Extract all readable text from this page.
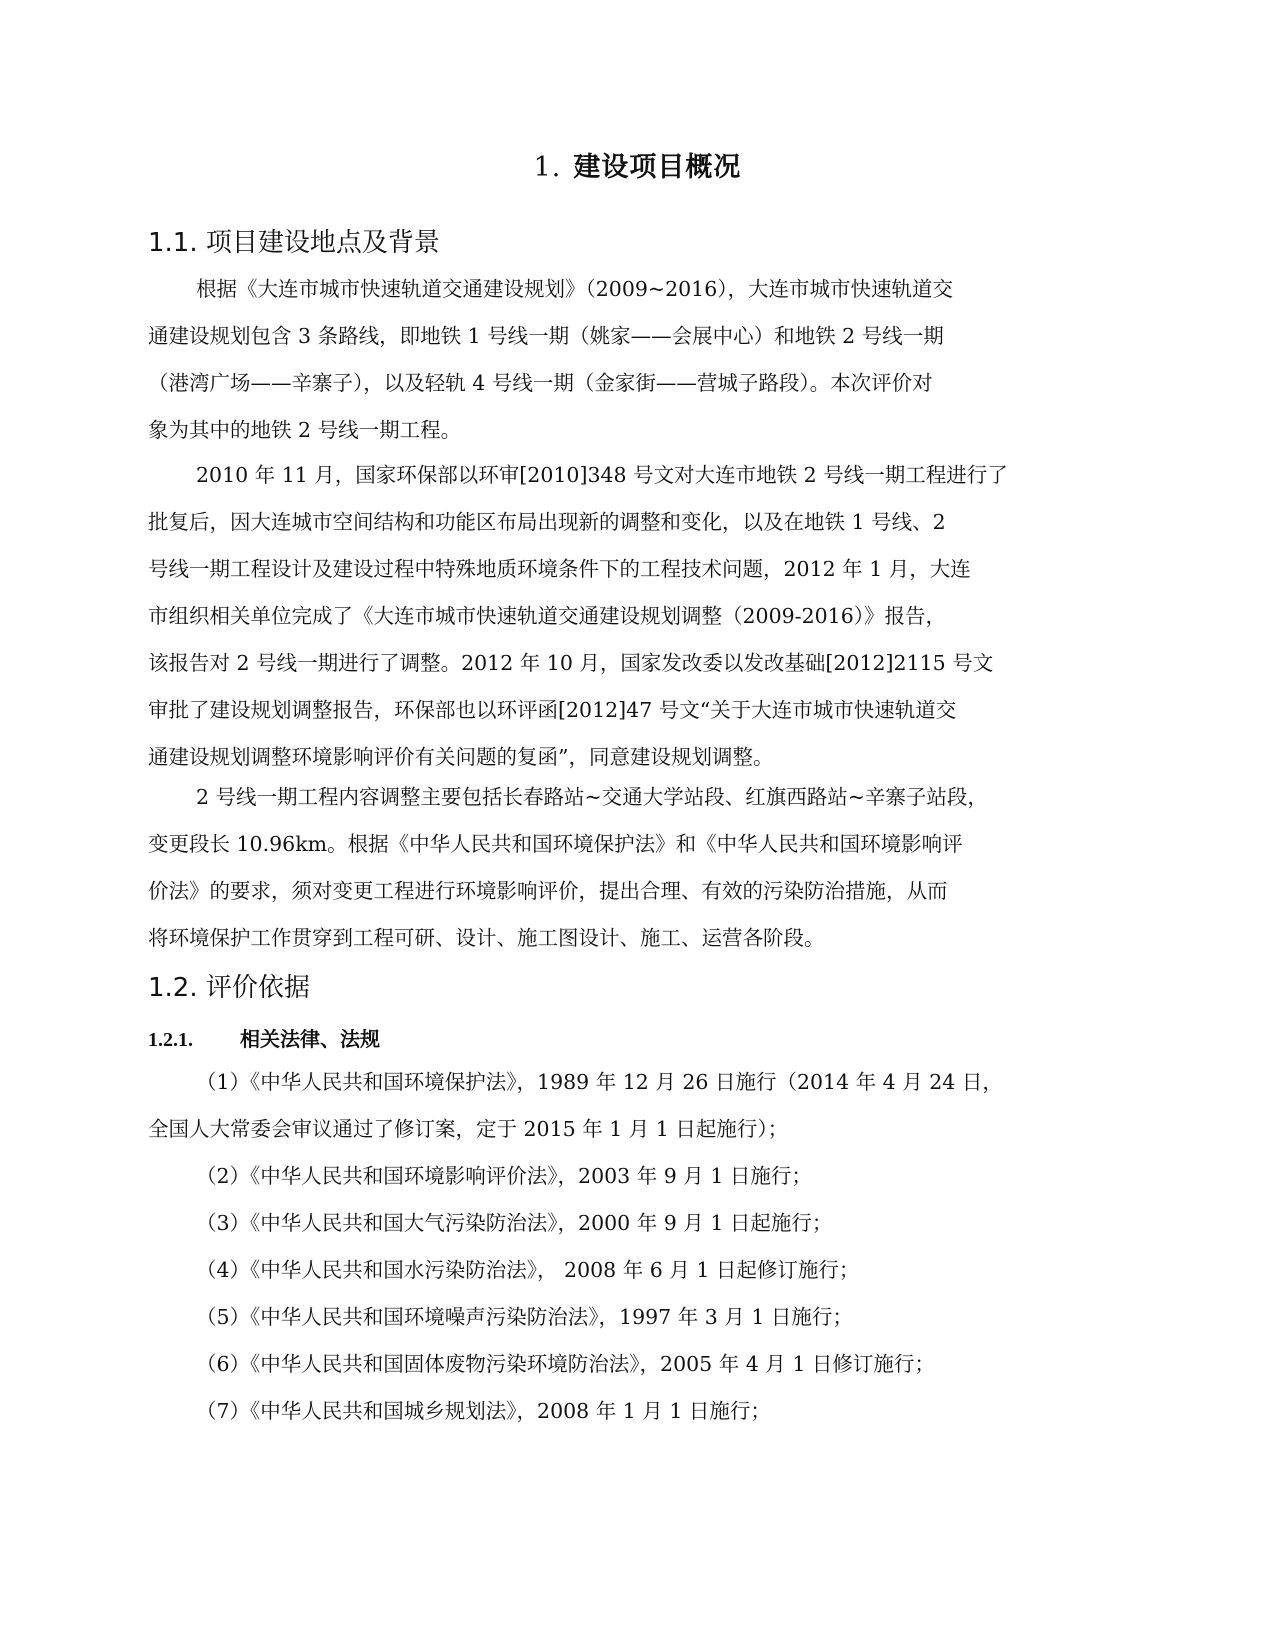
1. 建设项目概况
1.1. 项目建设地点及背景
根据《大连市城市快速轨道交通建设规划》（2009~2016），大连市城市快速轨道交
通建设规划包含 3 条路线，即地铁 1 号线一期（姚家——会展中心）和地铁 2 号线一期
（港湾广场——辛寨子），以及轻轨 4 号线一期（金家街——营城子路段）。本次评价对
象为其中的地铁 2 号线一期工程。
2010 年 11 月，国家环保部以环审[2010]348 号文对大连市地铁 2 号线一期工程进行了
批复后，因大连城市空间结构和功能区布局出现新的调整和变化，以及在地铁 1 号线、2
号线一期工程设计及建设过程中特殊地质环境条件下的工程技术问题，2012 年 1 月，大连
市组织相关单位完成了《大连市城市快速轨道交通建设规划调整（2009-2016）》报告，
该报告对 2 号线一期进行了调整。2012 年 10 月，国家发改委以发改基础[2012]2115 号文
审批了建设规划调整报告，环保部也以环评函[2012]47 号文“关于大连市城市快速轨道交
通建设规划调整环境影响评价有关问题的复函”，同意建设规划调整。
2 号线一期工程内容调整主要包括长春路站~交通大学站段、红旗西路站~辛寨子站段，
变更段长 10.96km。根据《中华人民共和国环境保护法》和《中华人民共和国环境影响评
价法》的要求，须对变更工程进行环境影响评价，提出合理、有效的污染防治措施，从而
将环境保护工作贯穿到工程可研、设计、施工图设计、施工、运营各阶段。
1.2. 评价依据
1.2.1. 相关法律、法规
（1）《中华人民共和国环境保护法》，1989 年 12 月 26 日施行（2014 年 4 月 24 日，
全国人大常委会审议通过了修订案，定于 2015 年 1 月 1 日起施行）；
（2）《中华人民共和国环境影响评价法》，2003 年 9 月 1 日施行；
（3）《中华人民共和国大气污染防治法》，2000 年 9 月 1 日起施行；
（4）《中华人民共和国水污染防治法》， 2008 年 6 月 1 日起修订施行；
（5）《中华人民共和国环境噪声污染防治法》，1997 年 3 月 1 日施行；
（6）《中华人民共和国固体废物污染环境防治法》，2005 年 4 月 1 日修订施行；
（7）《中华人民共和国城乡规划法》，2008 年 1 月 1 日施行；
